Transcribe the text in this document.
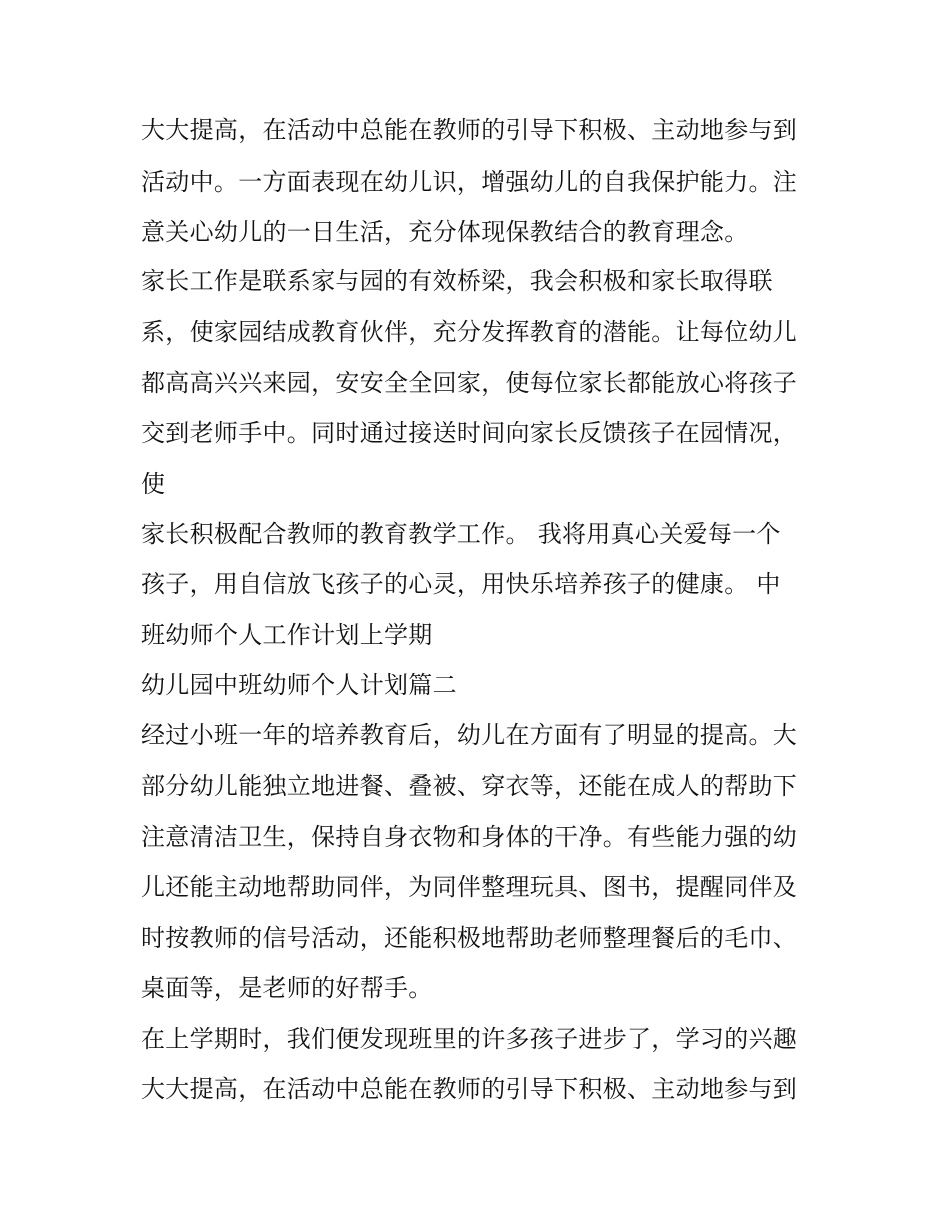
大大提高，在活动中总能在教师的引导下积极、主动地参与到
活动中。一方面表现在幼儿识，增强幼儿的自我保护能力。注
意关心幼儿的一日生活，充分体现保教结合的教育理念。
家长工作是联系家与园的有效桥梁，我会积极和家长取得联
系，使家园结成教育伙伴，充分发挥教育的潜能。让每位幼儿
都高高兴兴来园，安安全全回家，使每位家长都能放心将孩子
交到老师手中。同时通过接送时间向家长反馈孩子在园情况，
使
家长积极配合教师的教育教学工作。 我将用真心关爱每一个
孩子，用自信放飞孩子的心灵，用快乐培养孩子的健康。 中
班幼师个人工作计划上学期
幼儿园中班幼师个人计划篇二
经过小班一年的培养教育后，幼儿在方面有了明显的提高。大
部分幼儿能独立地进餐、叠被、穿衣等，还能在成人的帮助下
注意清洁卫生，保持自身衣物和身体的干净。有些能力强的幼
儿还能主动地帮助同伴，为同伴整理玩具、图书，提醒同伴及
时按教师的信号活动，还能积极地帮助老师整理餐后的毛巾、
桌面等，是老师的好帮手。
在上学期时，我们便发现班里的许多孩子进步了，学习的兴趣
大大提高，在活动中总能在教师的引导下积极、主动地参与到
